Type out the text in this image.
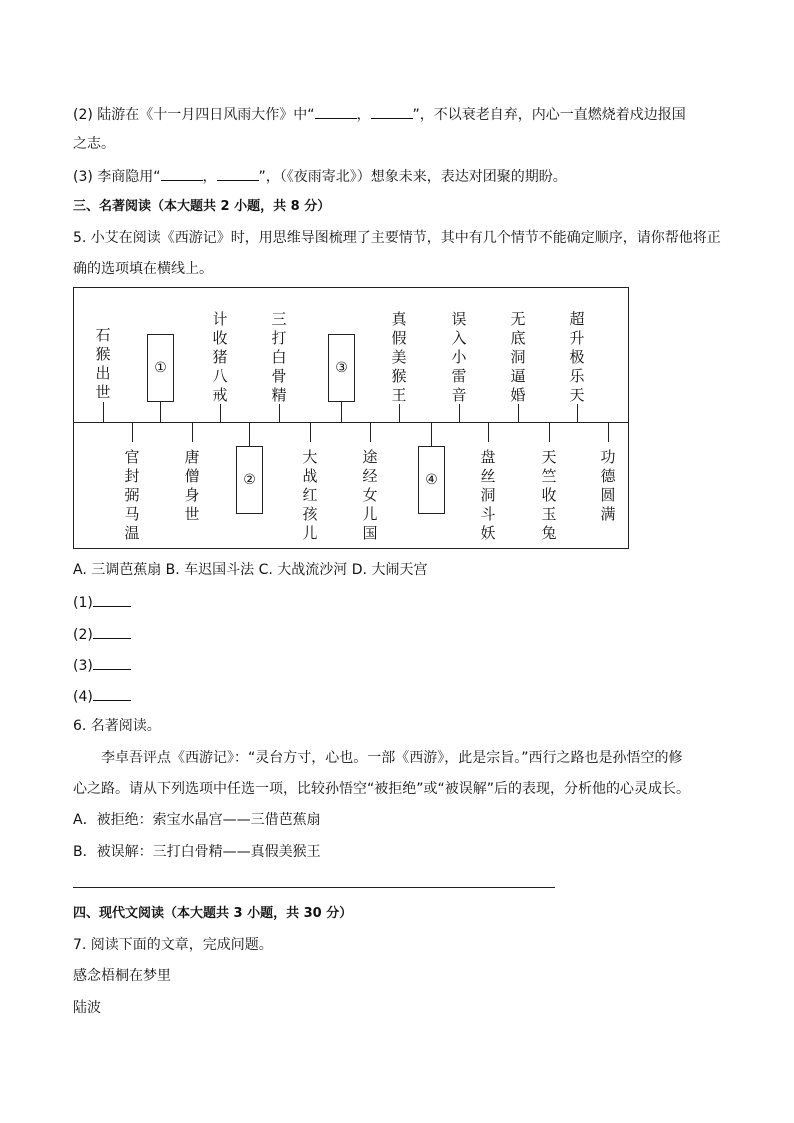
(2) 陆游在《十一月四日风雨大作》中“	，	”，不以衰老自弃，内心一直燃烧着戍边报国
之志。
(3) 李商隐用“	，	”，（《夜雨寄北》）想象未来，表达对团聚的期盼。
三、名著阅读（本大题共 2 小题，共 8 分）
5. 小艾在阅读《西游记》时，用思维导图梳理了主要情节，其中有几个情节不能确定顺序，请你帮他将正
确的选项填在横线上。
石
猴
出
世
①
计
收
猪
八
戒
三
打
白
骨
精
③
真
假
美
猴
王
误
入
小
雷
音
无
底
洞
逼
婚
超
升
极
乐
天
官
封
弼
马
温
唐
僧
身
世
②
大
战
红
孩
儿
途
经
女
儿
国
④
盘
丝
洞
斗
妖
天
竺
收
玉
兔
功
德
圆
满
A. 三调芭蕉扇 B. 车迟国斗法 C. 大战流沙河 D. 大闹天宫
(1)
(2)
(3)
(4)
6. 名著阅读。
李卓吾评点《西游记》：“灵台方寸，心也。一部《西游》，此是宗旨。”西行之路也是孙悟空的修
心之路。请从下列选项中任选一项，比较孙悟空“被拒绝”或“被误解”后的表现，分析他的心灵成长。
A．被拒绝：索宝水晶宫——三借芭蕉扇
B．被误解：三打白骨精——真假美猴王
四、现代文阅读（本大题共 3 小题，共 30 分）
7. 阅读下面的文章，完成问题。
感念梧桐在梦里
陆波
